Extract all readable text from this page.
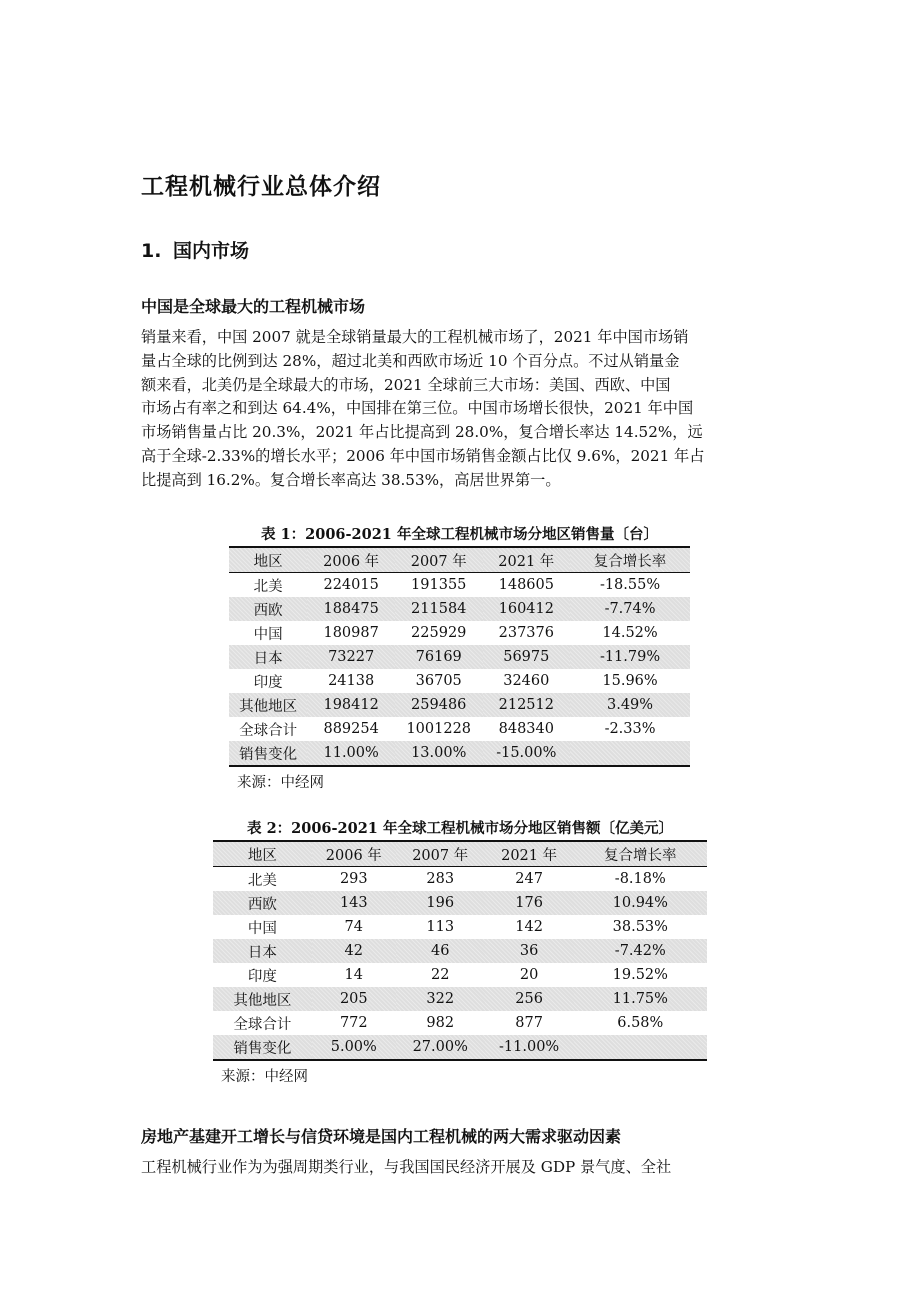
工程机械行业总体介绍
1. 国内市场
中国是全球最大的工程机械市场
销量来看，中国 2007 就是全球销量最大的工程机械市场了，2021 年中国市场销
量占全球的比例到达 28%，超过北美和西欧市场近 10 个百分点。不过从销量金
额来看，北美仍是全球最大的市场，2021 全球前三大市场：美国、西欧、中国
市场占有率之和到达 64.4%，中国排在第三位。中国市场增长很快，2021 年中国
市场销售量占比 20.3%，2021 年占比提高到 28.0%，复合增长率达 14.52%，远
高于全球-2.33%的增长水平；2006 年中国市场销售金额占比仅 9.6%，2021 年占
比提高到 16.2%。复合增长率高达 38.53%，高居世界第一。
表 1：2006-2021 年全球工程机械市场分地区销售量〔台〕
地区	2006 年	2007 年	2021 年	复合增长率
北美	224015	191355	148605	-18.55%
西欧	188475	211584	160412	-7.74%
中国	180987	225929	237376	14.52%
日本	73227	76169	56975	-11.79%
印度	24138	36705	32460	15.96%
其他地区	198412	259486	212512	3.49%
全球合计	889254	1001228	848340	-2.33%
销售变化	11.00%	13.00%	-15.00%	
来源：中经网
表 2：2006-2021 年全球工程机械市场分地区销售额〔亿美元〕
地区	2006 年	2007 年	2021 年	复合增长率
北美	293	283	247	-8.18%
西欧	143	196	176	10.94%
中国	74	113	142	38.53%
日本	42	46	36	-7.42%
印度	14	22	20	19.52%
其他地区	205	322	256	11.75%
全球合计	772	982	877	6.58%
销售变化	5.00%	27.00%	-11.00%	
来源：中经网
房地产基建开工增长与信贷环境是国内工程机械的两大需求驱动因素
工程机械行业作为为强周期类行业，与我国国民经济开展及 GDP 景气度、全社
